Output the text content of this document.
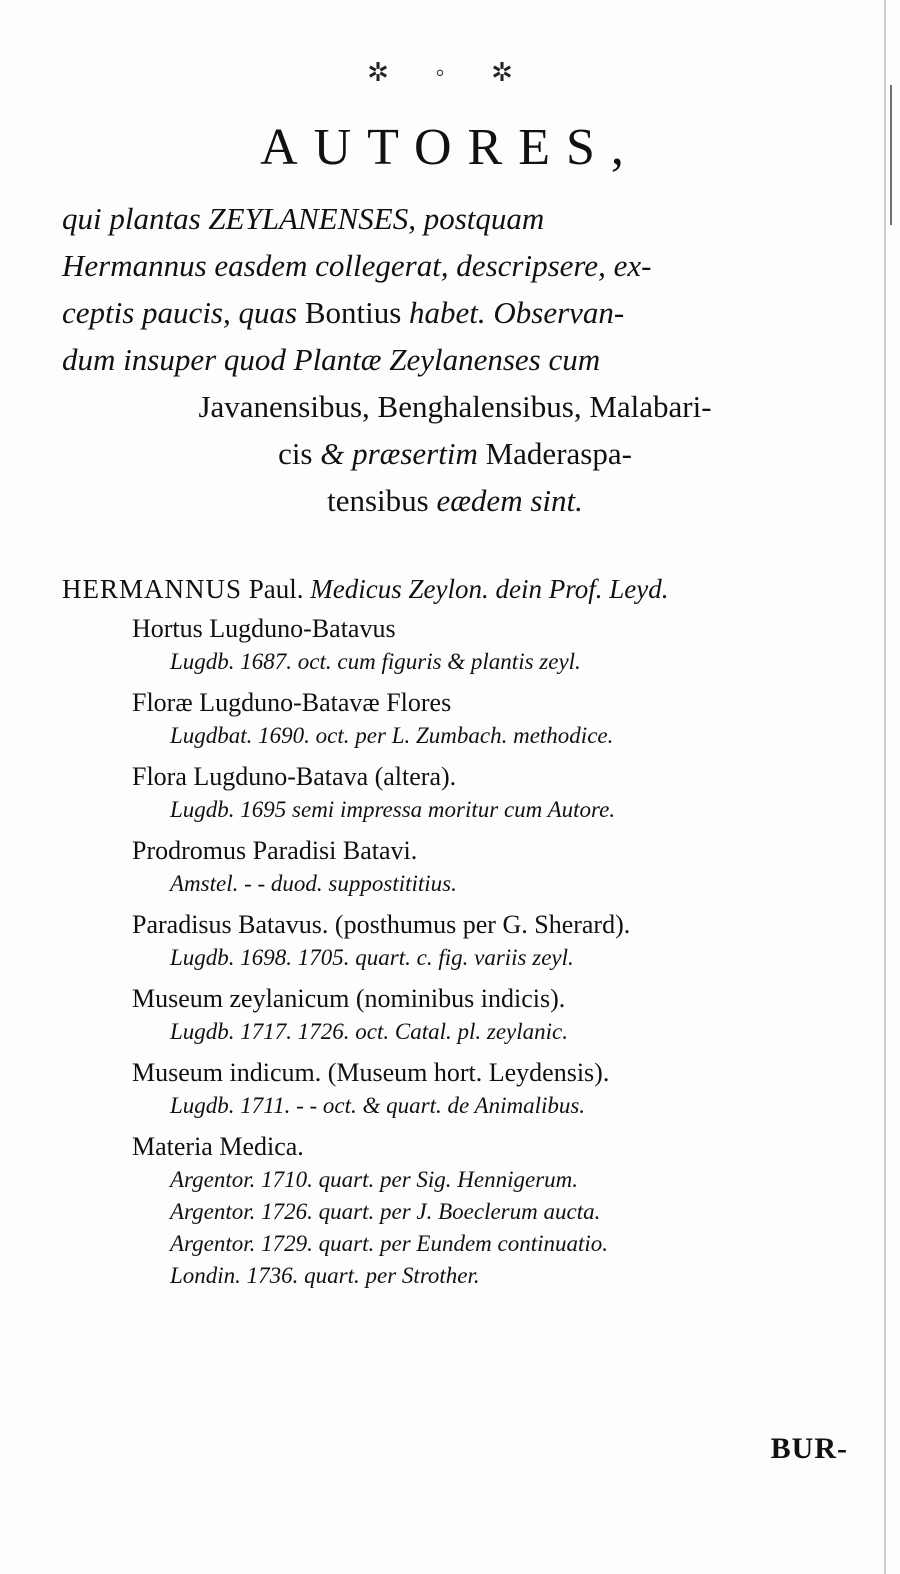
✲ ◦ ✲
AUTORES,

qui plantas ZEYLANENSES, postquam
Hermannus easdem collegerat, descripsere, ex-
ceptis paucis, quas Bontius habet. Observan-
dum insuper quod Plantæ Zeylanenses cum
Javanensibus, Benghalensibus, Malabari-
cis & præsertim Maderaspa-
tensibus eædem sint.

HERMANNUS Paul. Medicus Zeylon. dein Prof. Leyd.
Hortus Lugduno-Batavus
Lugdb. 1687. oct. cum figuris & plantis zeyl.
Floræ Lugduno-Batavæ Flores
Lugdbat. 1690. oct. per L. Zumbach. methodice.
Flora Lugduno-Batava (altera).
Lugdb. 1695 semi impressa moritur cum Autore.
Prodromus Paradisi Batavi.
Amstel. - - duod. suppostititius.
Paradisus Batavus. (posthumus per G. Sherard).
Lugdb. 1698. 1705. quart. c. fig. variis zeyl.
Museum zeylanicum (nominibus indicis).
Lugdb. 1717. 1726. oct. Catal. pl. zeylanic.
Museum indicum. (Museum hort. Leydensis).
Lugdb. 1711. - - oct. & quart. de Animalibus.
Materia Medica.
Argentor. 1710. quart. per Sig. Hennigerum.
Argentor. 1726. quart. per J. Boeclerum aucta.
Argentor. 1729. quart. per Eundem continuatio.
Londin. 1736. quart. per Strother.
BUR-
